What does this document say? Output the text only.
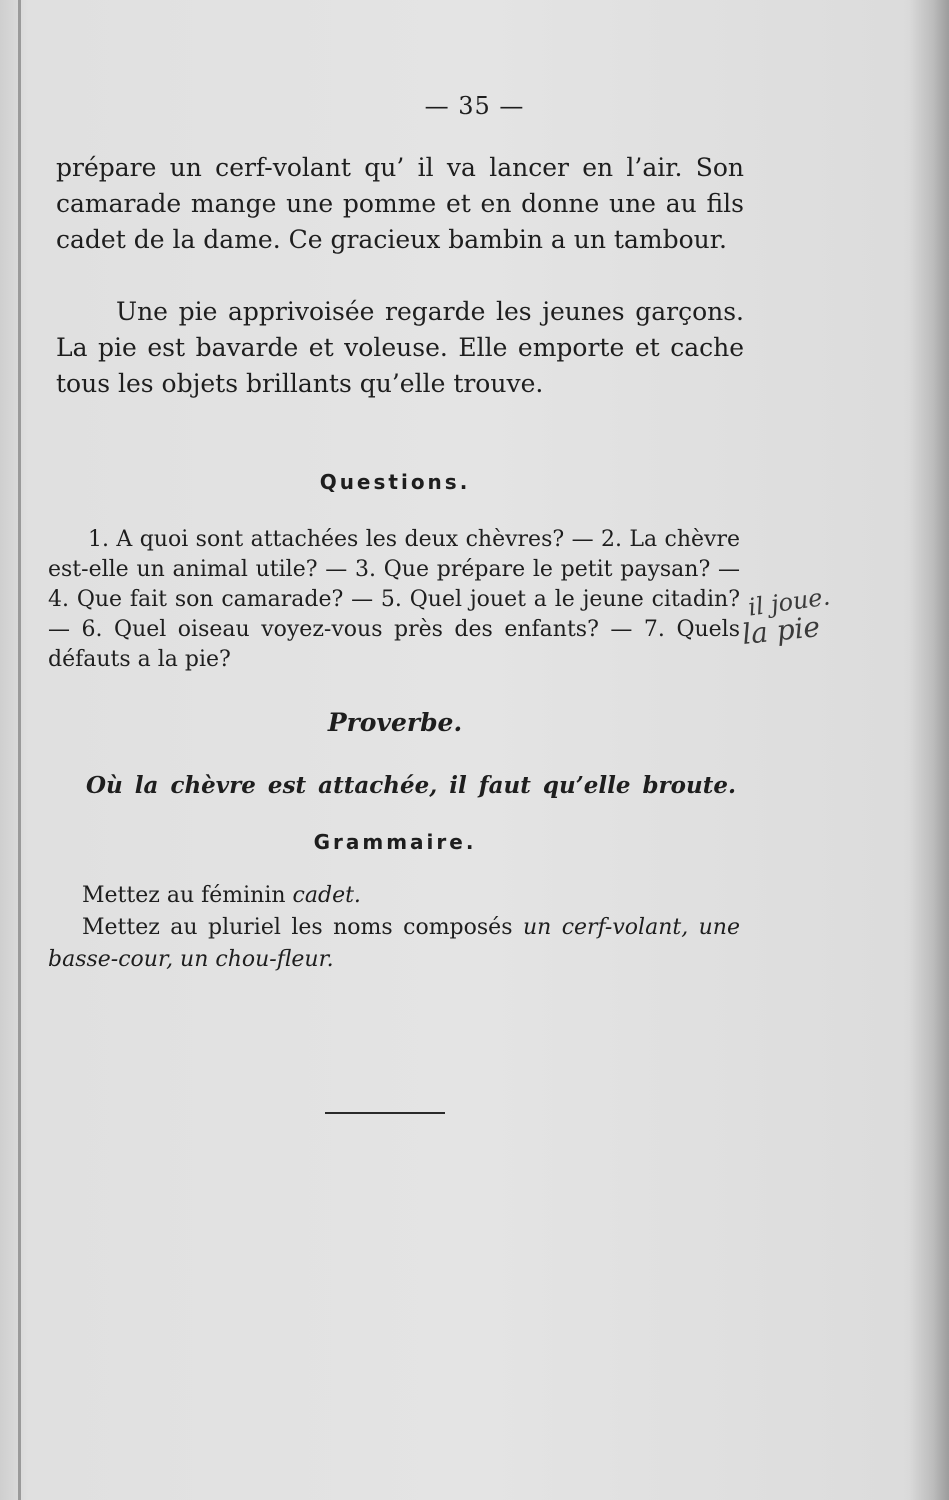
— 35 —

prépare un cerf-volant qu’ il va lancer en l’air. Son camarade mange une pomme et en donne une au fils cadet de la dame. Ce gracieux bambin a un tambour.

Une pie apprivoisée regarde les jeunes garçons. La pie est bavarde et voleuse. Elle emporte et cache tous les objets brillants qu’elle trouve.

Questions.

1. A quoi sont attachées les deux chèvres? — 2. La chèvre est-elle un animal utile? — 3. Que prépare le petit paysan? — 4. Que fait son camarade? — 5. Quel jouet a le jeune citadin? — 6. Quel oiseau voyez-vous près des enfants? — 7. Quels défauts a la pie?

il joue.
la pie
Proverbe.
Où la chèvre est attachée, il faut qu’elle broute.
Grammaire.
Mettez au féminin cadet.
Mettez au pluriel les noms composés un cerf-volant, une basse-cour, un chou-fleur.
